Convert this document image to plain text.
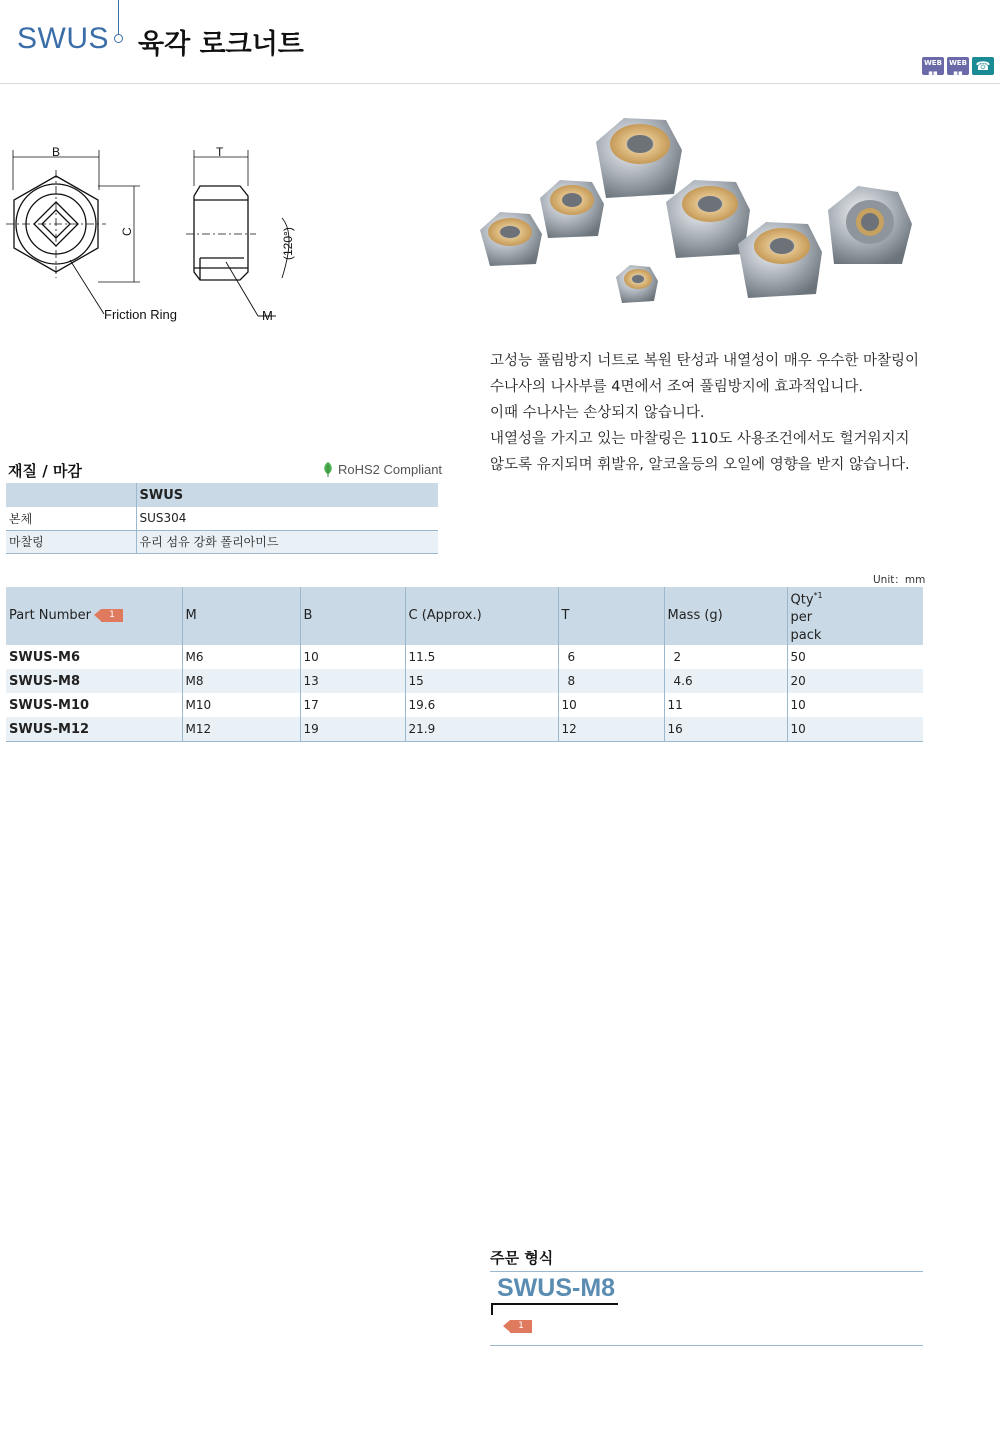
SWUS 육각 로크너트
WEB
▪▪
WEB
▪▪	☎
B
C
Friction Ring
T
(120°)
M
고성능 풀림방지 너트로 복원 탄성과 내열성이 매우 우수한 마찰링이
수나사의 나사부를 4면에서 조여 풀림방지에 효과적입니다.
이때 수나사는 손상되지 않습니다.
내열성을 가지고 있는 마찰링은 110도 사용조건에서도 헐거워지지
않도록 유지되며 휘발유, 알코올등의 오일에 영향을 받지 않습니다.
재질 / 마감	RoHS2 Compliant
	SWUS
본체	SUS304
마찰링	유리 섬유 강화 폴리아미드
Unit：mm
Part Number 1	M	B	C (Approx.)	T	Mass (g)	Qty$^{*1}$
per
pack
SWUS-M6	M6	10	11.5	6	2	50
SWUS-M8	M8	13	15	8	4.6	20
SWUS-M10	M10	17	19.6	10	11	10
SWUS-M12	M12	19	21.9	12	16	10
주문 형식
SWUS-M8
1
